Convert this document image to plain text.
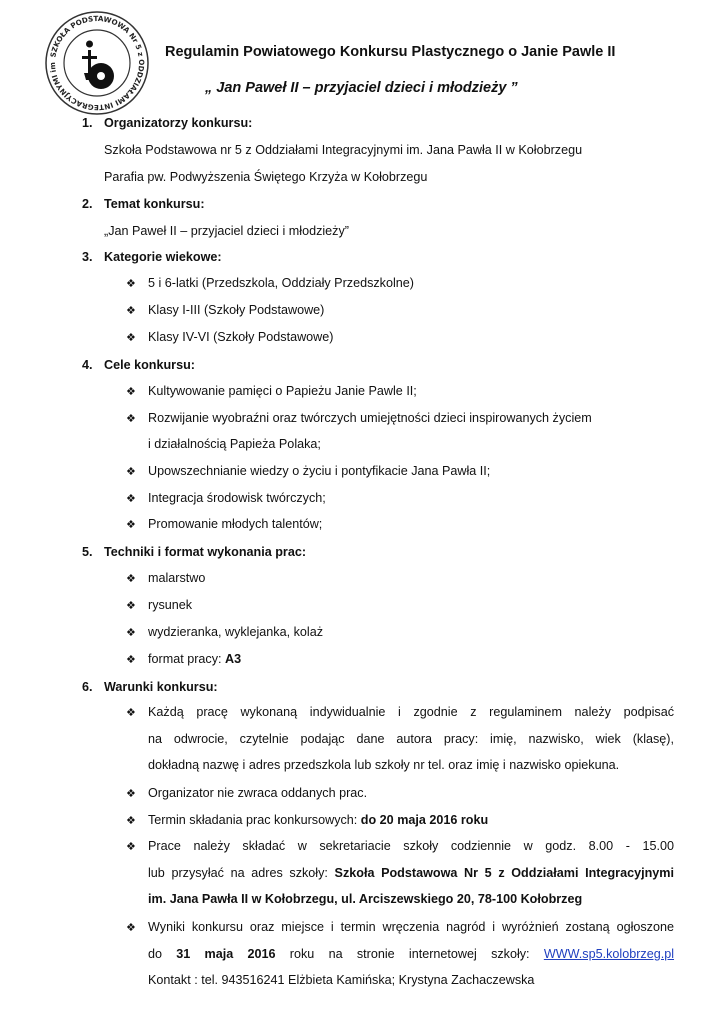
SZKOŁA PODSTAWOWA Nr 5 z ODDZIAŁAMI INTEGRACYJNYMI im
Regulamin Powiatowego Konkursu Plastycznego o Janie Pawle II
„ Jan Paweł II – przyjaciel dzieci i młodzieży ”
1. Organizatorzy konkursu:
Szkoła Podstawowa nr 5 z Oddziałami Integracyjnymi im. Jana Pawła II w Kołobrzegu
Parafia pw. Podwyższenia Świętego Krzyża w Kołobrzegu
2. Temat konkursu:
„Jan Paweł II – przyjaciel dzieci i młodzieży”
3. Kategorie wiekowe:
❖ 5 i 6-latki (Przedszkola, Oddziały Przedszkolne)
❖ Klasy I-III (Szkoły Podstawowe)
❖ Klasy IV-VI (Szkoły Podstawowe)
4. Cele konkursu:
❖ Kultywowanie pamięci o Papieżu Janie Pawle II;
❖ Rozwijanie wyobraźni oraz twórczych umiejętności dzieci inspirowanych życiem
i działalnością Papieża Polaka;
❖ Upowszechnianie wiedzy o życiu i pontyfikacie Jana Pawła II;
❖ Integracja środowisk twórczych;
❖ Promowanie młodych talentów;
5. Techniki i format wykonania prac:
❖ malarstwo
❖ rysunek
❖ wydzieranka, wyklejanka, kolaż
❖ format pracy: A3
6. Warunki konkursu:
❖ Każdą pracę wykonaną indywidualnie i zgodnie z regulaminem należy podpisać
na odwrocie, czytelnie podając dane autora pracy: imię, nazwisko, wiek (klasę),
dokładną nazwę i adres przedszkola lub szkoły nr tel. oraz imię i nazwisko opiekuna.
❖ Organizator nie zwraca oddanych prac.
❖ Termin składania prac konkursowych: do 20 maja 2016 roku
❖ Prace należy składać w sekretariacie szkoły codziennie w godz. 8.00 - 15.00
lub przysyłać na adres szkoły: Szkoła Podstawowa Nr 5 z Oddziałami Integracyjnymi
im. Jana Pawła II w Kołobrzegu, ul. Arciszewskiego 20, 78-100 Kołobrzeg
❖ Wyniki konkursu oraz miejsce i termin wręczenia nagród i wyróżnień zostaną ogłoszone
do 31 maja 2016 roku na stronie internetowej szkoły: WWW.sp5.kolobrzeg.pl
Kontakt : tel. 943516241 Elżbieta Kamińska; Krystyna Zachaczewska
